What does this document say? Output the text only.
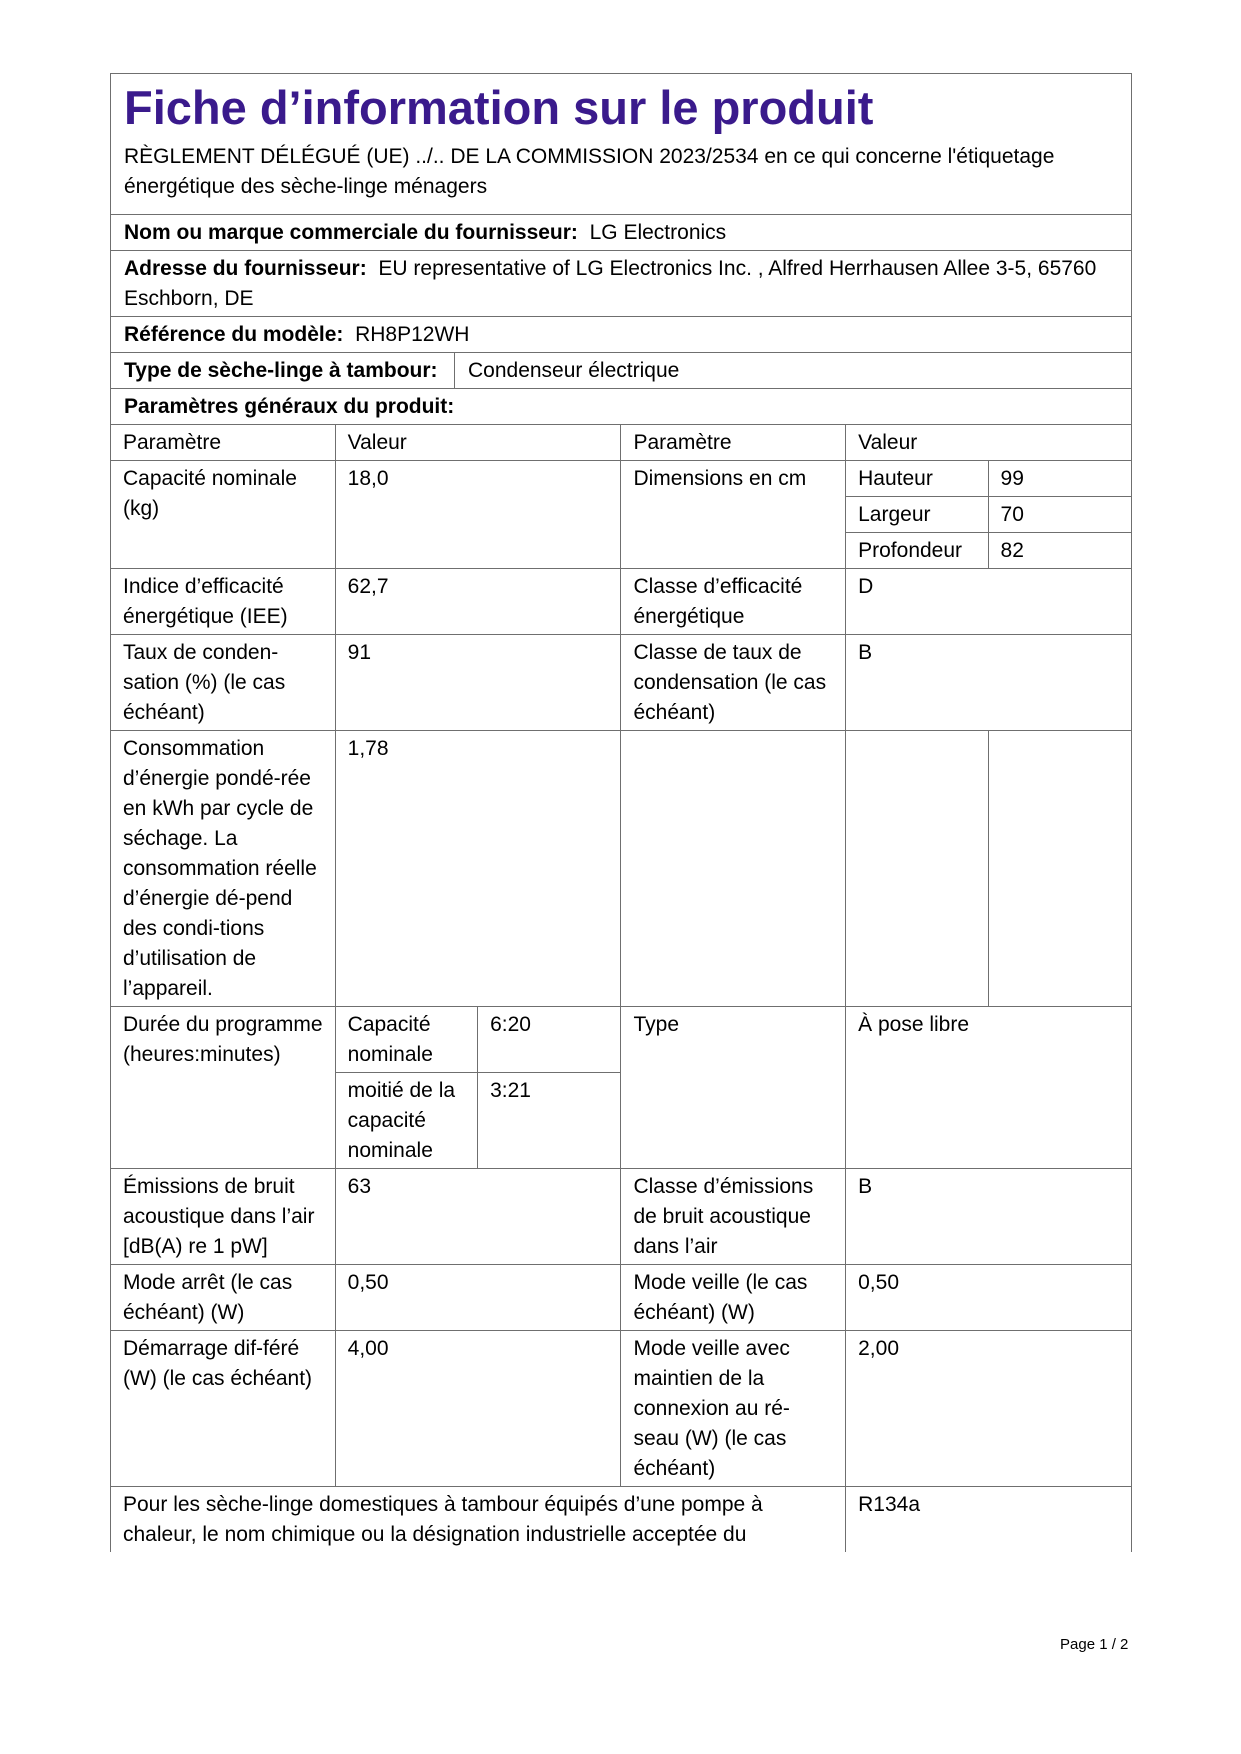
Fiche d’information sur le produit
RÈGLEMENT DÉLÉGUÉ (UE) ../.. DE LA COMMISSION 2023/2534 en ce qui concerne l'étiquetage énergétique des sèche-linge ménagers
Nom ou marque commerciale du fournisseur: LG Electronics
Adresse du fournisseur: EU representative of LG Electronics Inc. , Alfred Herrhausen Allee 3-5, 65760 Eschborn, DE
Référence du modèle: RH8P12WH
Type de sèche-linge à tambour:	Condenseur électrique
Paramètres généraux du produit:
Paramètre	Valeur		Paramètre	Valeur	
Capacité nominale (kg)	18,0		Dimensions en cm	Hauteur	99
				Largeur	70
				Profondeur	82
Indice d’efficacité énergétique (IEE)	62,7		Classe d’efficacité énergétique	D	
Taux de conden-sation (%) (le cas échéant)	91		Classe de taux de condensation (le cas échéant)	B	
Consommation d’énergie pondé-rée en kWh par cycle de séchage. La consommation réelle d’énergie dé-pend des condi-tions d’utilisation de l’appareil.	1,78				
Durée du programme (heures:minutes)	Capacité nominale	6:20	Type	À pose libre	
	moitié de la capacité nominale	3:21			
Émissions de bruit acoustique dans l’air [dB(A) re 1 pW]	63		Classe d’émissions de bruit acoustique dans l’air	B	
Mode arrêt (le cas échéant) (W)	0,50		Mode veille (le cas échéant) (W)	0,50	
Démarrage dif-féré (W) (le cas échéant)	4,00		Mode veille avec maintien de la connexion au ré-seau (W) (le cas échéant)	2,00	
Pour les sèche-linge domestiques à tambour équipés d’une pompe à chaleur, le nom chimique ou la désignation industrielle acceptée du				R134a	
Page 1 / 2
